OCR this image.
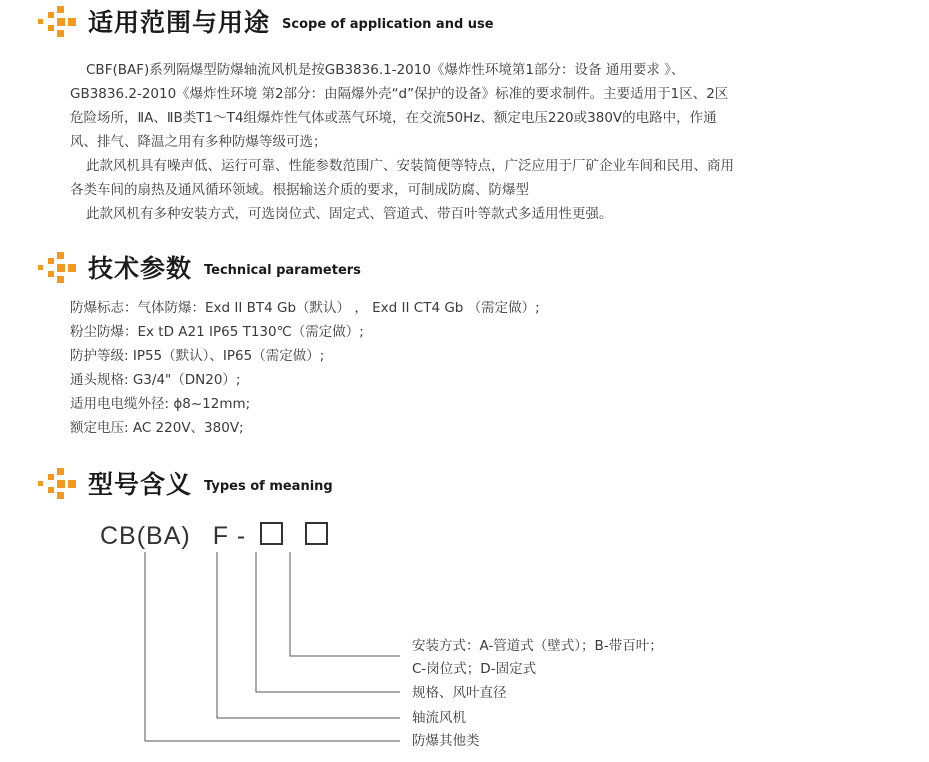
适用范围与用途 Scope of application and use
CBF(BAF)系列隔爆型防爆轴流风机是按GB3836.1-2010《爆炸性环境第1部分：设备 通用要求 》、
GB3836.2-2010《爆炸性环境 第2部分：由隔爆外壳“d”保护的设备》标准的要求制件。主要适用于1区、2区
危险场所，ⅡA、ⅡB类T1～T4组爆炸性气体或蒸气环境，在交流50Hz、额定电压220或380V的电路中，作通
风、排气、降温之用有多种防爆等级可选；
此款风机具有噪声低、运行可靠、性能参数范围广、安装简便等特点，广泛应用于厂矿企业车间和民用、商用
各类车间的扇热及通风循环领域。根据输送介质的要求，可制成防腐、防爆型
此款风机有多种安装方式，可选岗位式、固定式、管道式、带百叶等款式多适用性更强。
技术参数 Technical parameters
防爆标志：气体防爆：Exd II BT4 Gb（默认） ， Exd II CT4 Gb （需定做）;
粉尘防爆：Ex tD A21 IP65 T130℃（需定做）;
防护等级: IP55（默认）、IP65（需定做）;
通头规格: G3/4"（DN20）;
适用电电缆外径: ϕ8~12mm;
额定电压: AC 220V、380V;
型号含义 Types of meaning
CB(BA) F -
安装方式：A-管道式（壁式）；B-带百叶；
C-岗位式；D-固定式
规格、风叶直径
轴流风机
防爆其他类
